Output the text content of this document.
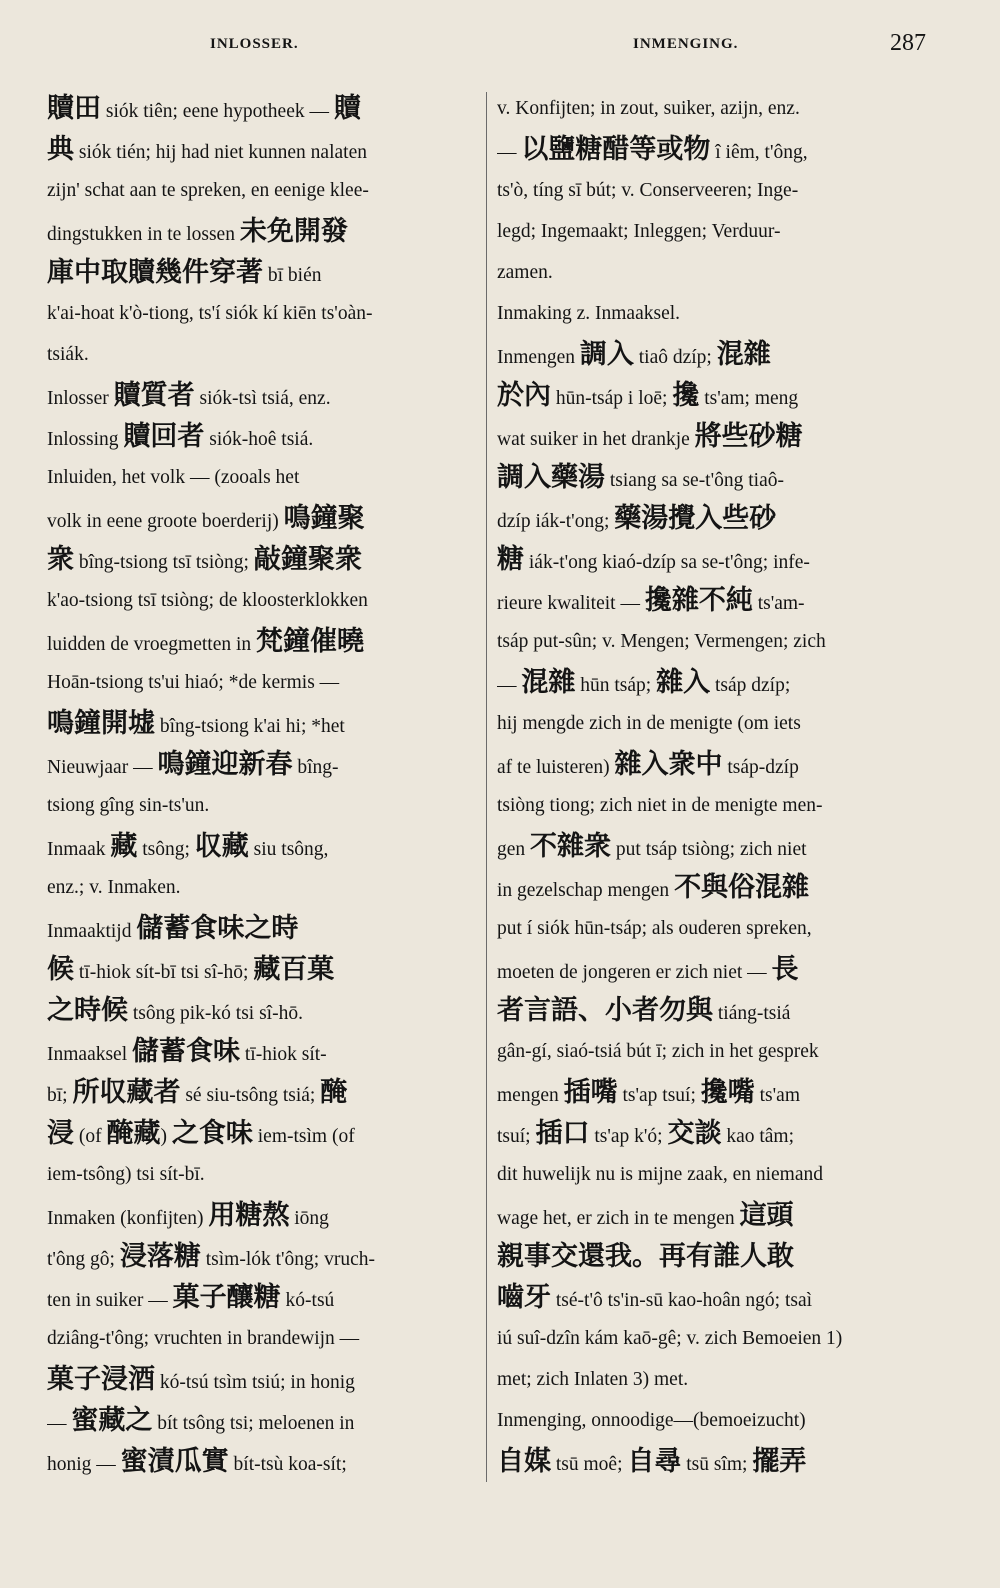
INLOSSER.	INMENGING.	287
贖田 siók tiên; eene hypotheek — 贖
典 siók tién; hij had niet kunnen nalaten
zijn' schat aan te spreken, en eenige klee-
dingstukken in te lossen 未免開發
庫中取贖幾件穿著 bī bién
k'ai-hoat k'ò-tiong, ts'í siók kí kiēn ts'oàn-
tsiák.
Inlosser 贖質者 siók-tsì tsiá, enz.
Inlossing 贖回者 siók-hoê tsiá.
Inluiden, het volk — (zooals het
volk in eene groote boerderij) 鳴鐘聚
衆 bîng-tsiong tsī tsiòng; 敲鐘聚衆
k'ao-tsiong tsī tsiòng; de kloosterklokken
luidden de vroegmetten in 梵鐘催曉
Hoān-tsiong ts'ui hiaó; *de kermis —
鳴鐘開墟 bîng-tsiong k'ai hi; *het
Nieuwjaar — 鳴鐘迎新春 bîng-
tsiong gîng sin-ts'un.
Inmaak 藏 tsông; 収藏 siu tsông,
enz.; v. Inmaken.
Inmaaktijd 儲蓄食味之時
候 tī-hiok sít-bī tsi sî-hō; 藏百菓
之時候 tsông pik-kó tsi sî-hō.
Inmaaksel 儲蓄食味 tī-hiok sít-
bī; 所収藏者 sé siu-tsông tsiá; 醃
浸 (of 醃藏) 之食味 iem-tsìm (of
iem-tsông) tsi sít-bī.
Inmaken (konfijten) 用糖熬 iōng
t'ông gô; 浸落糖 tsìm-lók t'ông; vruch-
ten in suiker — 菓子釀糖 kó-tsú
dziâng-t'ông; vruchten in brandewijn —
菓子浸酒 kó-tsú tsìm tsiú; in honig
— 蜜藏之 bít tsông tsi; meloenen in
honig — 蜜漬瓜實 bít-tsù koa-sít;
v. Konfijten; in zout, suiker, azijn, enz.
— 以鹽糖醋等或物 î iêm, t'ông,
ts'ò, tíng sī bút; v. Conserveeren; Inge-
legd; Ingemaakt; Inleggen; Verduur-
zamen.
Inmaking z. Inmaaksel.
Inmengen 調入 tiaô dzíp; 混雜
於內 hūn-tsáp i loē; 攙 ts'am; meng
wat suiker in het drankje 將些砂糖
調入藥湯 tsiang sa se-t'ông tiaô-
dzíp iák-t'ong; 藥湯攪入些砂
糖 iák-t'ong kiaó-dzíp sa se-t'ông; infe-
rieure kwaliteit — 攙雜不純 ts'am-
tsáp put-sûn; v. Mengen; Vermengen; zich
— 混雜 hūn tsáp; 雜入 tsáp dzíp;
hij mengde zich in de menigte (om iets
af te luisteren) 雜入衆中 tsáp-dzíp
tsiòng tiong; zich niet in de menigte men-
gen 不雜衆 put tsáp tsiòng; zich niet
in gezelschap mengen 不與俗混雜
put í siók hūn-tsáp; als ouderen spreken,
moeten de jongeren er zich niet — 長
者言語、小者勿與 tiáng-tsiá
gân-gí, siaó-tsiá bút ī; zich in het gesprek
mengen 插嘴 ts'ap tsuí; 攙嘴 ts'am
tsuí; 插口 ts'ap k'ó; 交談 kao tâm;
dit huwelijk nu is mijne zaak, en niemand
wage het, er zich in te mengen 這頭
親事交還我。再有誰人敢
嚙牙 tsé-t'ô ts'in-sū kao-hoân ngó; tsaì
iú suî-dzîn kám kaō-gê; v. zich Bemoeien 1)
met; zich Inlaten 3) met.
Inmenging, onnoodige—(bemoeizucht)
自媒 tsū moê; 自尋 tsū sîm; 擺弄
